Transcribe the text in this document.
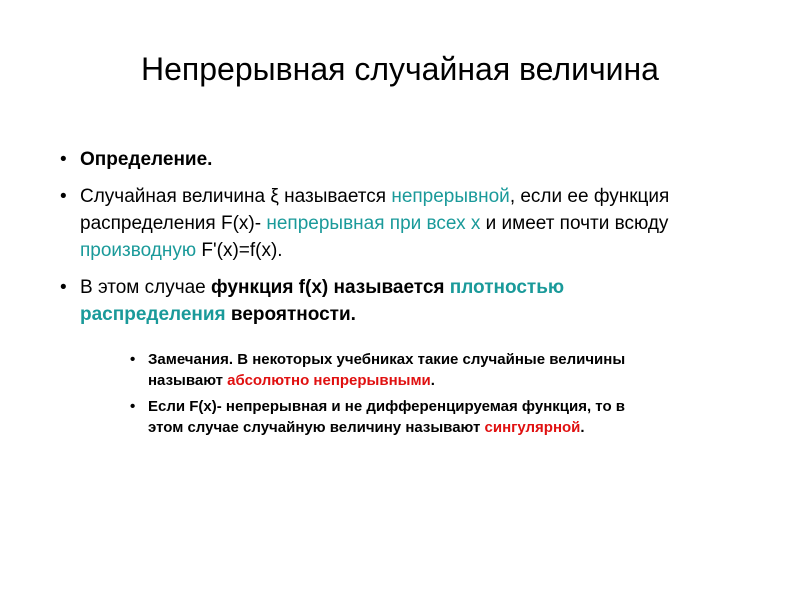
Непрерывная случайная величина
• Определение.
• Случайная величина ξ называется непрерывной, если ее функция распределения F(x)- непрерывная при всех х и имеет почти всюду производную F'(x)=f(x).
• В этом случае функция f(x) называется плотностью распределения вероятности.
• Замечания. В некоторых учебниках такие случайные величины называют абсолютно непрерывными.
• Если F(x)- непрерывная и не дифференцируемая функция, то в этом случае случайную величину называют сингулярной.
